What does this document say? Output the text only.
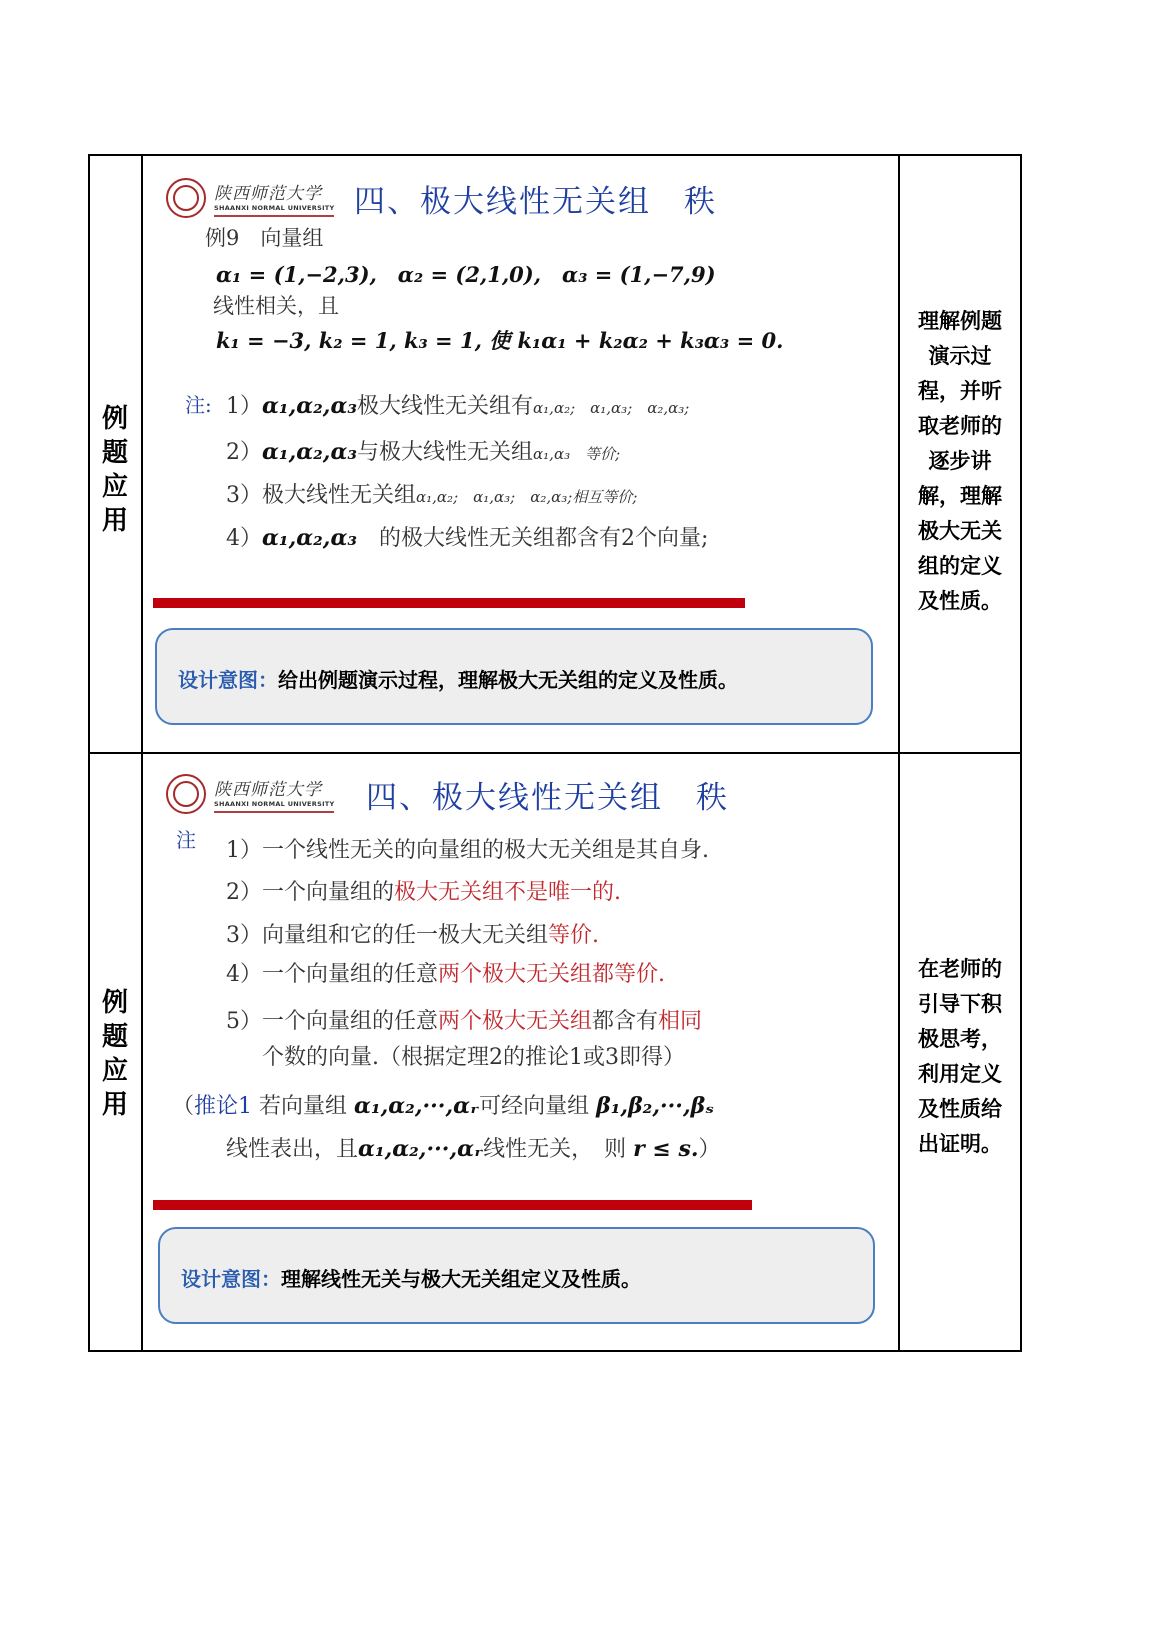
例
题
应
用
陕西师范大学
SHAANXI NORMAL UNIVERSITY 四、极大线性无关组　秩
例9　向量组
α₁ = (1,−2,3),　α₂ = (2,1,0),　α₃ = (1,−7,9)
线性相关，且
k₁ = −3, k₂ = 1, k₃ = 1, 使 k₁α₁ + k₂α₂ + k₃α₃ = 0.
注: 1）α₁,α₂,α₃极大线性无关组有α₁,α₂;　α₁,α₃;　α₂,α₃;
2）α₁,α₂,α₃与极大线性无关组α₁,α₃　等价;
3）极大线性无关组α₁,α₂;　α₁,α₃;　α₂,α₃;相互等价;
4）α₁,α₂,α₃　的极大线性无关组都含有2个向量;
设计意图：给出例题演示过程，理解极大无关组的定义及性质。
理解例题
演示过
程，并听
取老师的
逐步讲
解，理解
极大无关
组的定义
及性质。
例
题
应
用
陕西师范大学
SHAANXI NORMAL UNIVERSITY 四、极大线性无关组　秩
注 1）一个线性无关的向量组的极大无关组是其自身.
2）一个向量组的极大无关组不是唯一的.
3）向量组和它的任一极大无关组等价.
4）一个向量组的任意两个极大无关组都等价.
5）一个向量组的任意两个极大无关组都含有相同
个数的向量.（根据定理2的推论1或3即得）
（推论1 若向量组 α₁,α₂,···,αᵣ可经向量组 β₁,β₂,···,βₛ
线性表出，且α₁,α₂,···,αᵣ线性无关，　则 r ≤ s.）
设计意图：理解线性无关与极大无关组定义及性质。
在老师的
引导下积
极思考，
利用定义
及性质给
出证明。
